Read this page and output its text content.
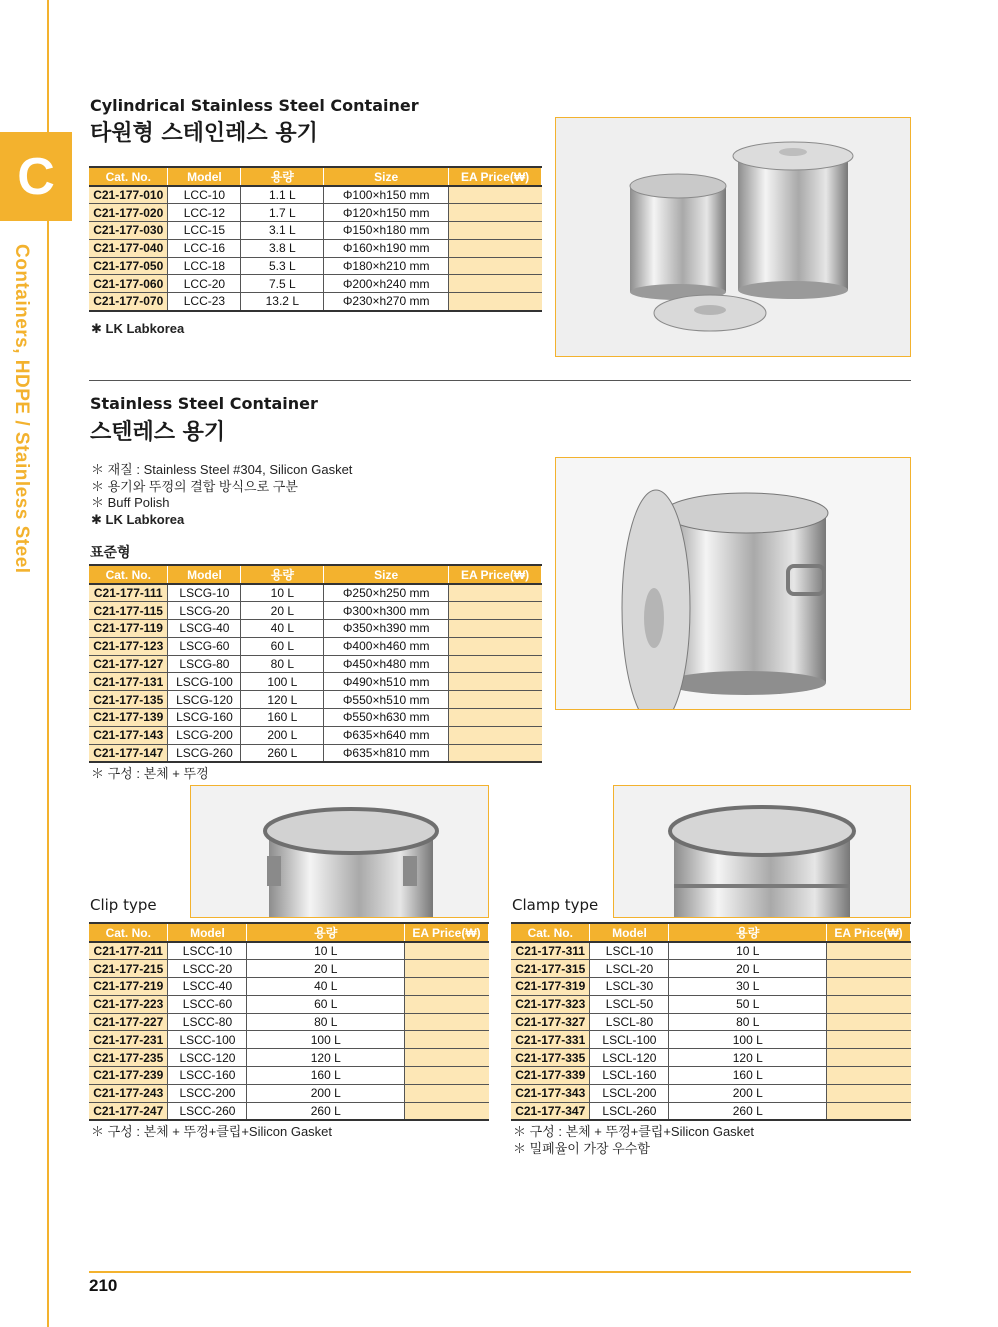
C
Containers, HDPE / Stainless Steel
Cylindrical Stainless Steel Container
타원형 스테인레스 용기
Cat. No.	Model	용량	Size	EA Price(₩)
C21-177-010	LCC-10	1.1 L	Φ100×h150 mm	
C21-177-020	LCC-12	1.7 L	Φ120×h150 mm	
C21-177-030	LCC-15	3.1 L	Φ150×h180 mm	
C21-177-040	LCC-16	3.8 L	Φ160×h190 mm	
C21-177-050	LCC-18	5.3 L	Φ180×h210 mm	
C21-177-060	LCC-20	7.5 L	Φ200×h240 mm	
C21-177-070	LCC-23	13.2 L	Φ230×h270 mm	
✱ LK Labkorea
Stainless Steel Container
스텐레스 용기
＊ 재질 : Stainless Steel #304, Silicon Gasket
＊ 용기와 뚜껑의 결합 방식으로 구분
＊ Buff Polish
✱ LK Labkorea
표준형
Cat. No.	Model	용량	Size	EA Price(₩)
C21-177-111	LSCG-10	10 L	Φ250×h250 mm	
C21-177-115	LSCG-20	20 L	Φ300×h300 mm	
C21-177-119	LSCG-40	40 L	Φ350×h390 mm	
C21-177-123	LSCG-60	60 L	Φ400×h460 mm	
C21-177-127	LSCG-80	80 L	Φ450×h480 mm	
C21-177-131	LSCG-100	100 L	Φ490×h510 mm	
C21-177-135	LSCG-120	120 L	Φ550×h510 mm	
C21-177-139	LSCG-160	160 L	Φ550×h630 mm	
C21-177-143	LSCG-200	200 L	Φ635×h640 mm	
C21-177-147	LSCG-260	260 L	Φ635×h810 mm	
＊ 구성 : 본체 + 뚜껑
Clip type
Cat. No.	Model	용량	EA Price(₩)
C21-177-211	LSCC-10	10 L	
C21-177-215	LSCC-20	20 L	
C21-177-219	LSCC-40	40 L	
C21-177-223	LSCC-60	60 L	
C21-177-227	LSCC-80	80 L	
C21-177-231	LSCC-100	100 L	
C21-177-235	LSCC-120	120 L	
C21-177-239	LSCC-160	160 L	
C21-177-243	LSCC-200	200 L	
C21-177-247	LSCC-260	260 L	
＊ 구성 : 본체 + 뚜껑+클립+Silicon Gasket
Clamp type
Cat. No.	Model	용량	EA Price(₩)
C21-177-311	LSCL-10	10 L	
C21-177-315	LSCL-20	20 L	
C21-177-319	LSCL-30	30 L	
C21-177-323	LSCL-50	50 L	
C21-177-327	LSCL-80	80 L	
C21-177-331	LSCL-100	100 L	
C21-177-335	LSCL-120	120 L	
C21-177-339	LSCL-160	160 L	
C21-177-343	LSCL-200	200 L	
C21-177-347	LSCL-260	260 L	
＊ 구성 : 본체 + 뚜껑+클립+Silicon Gasket
＊ 밀폐율이 가장 우수함
210
